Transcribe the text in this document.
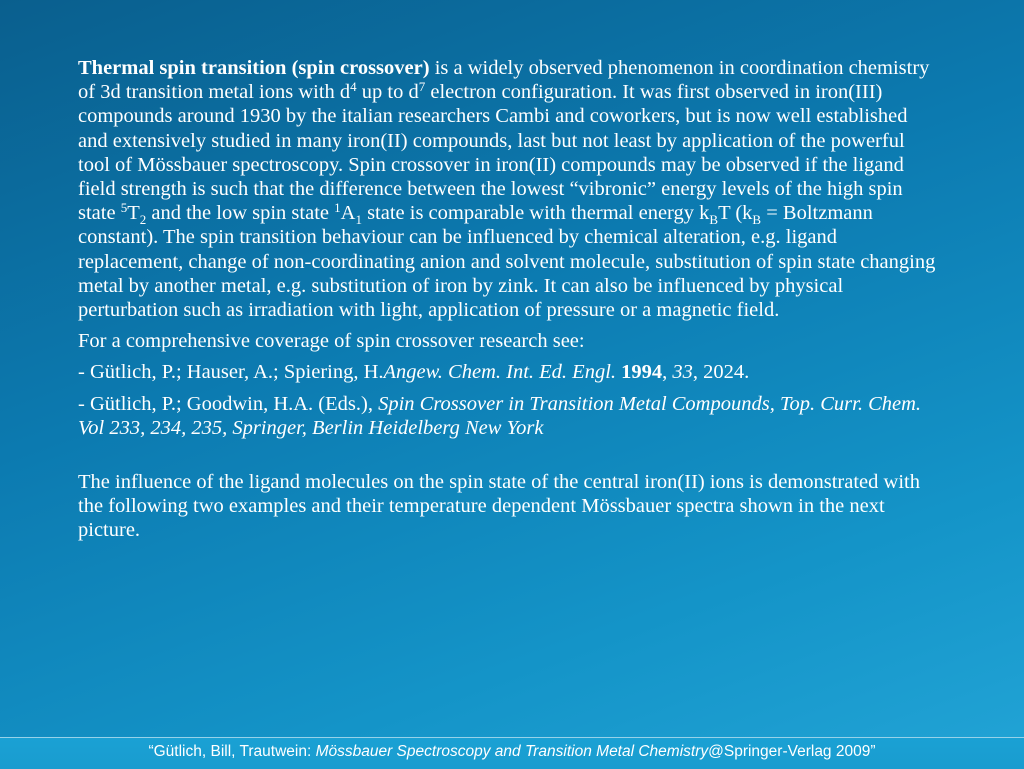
Thermal spin transition (spin crossover) is a widely observed phenomenon in coordination chemistry of 3d transition metal ions with $d^4$ up to $d^7$ electron configuration. It was first observed in iron(III) compounds around 1930 by the italian researchers Cambi and coworkers, but is now well established and extensively studied in many iron(II) compounds, last but not least by application of the powerful tool of Mössbauer spectroscopy. Spin crossover in iron(II) compounds may be observed if the ligand field strength is such that the difference between the lowest “vibronic” energy levels of the high spin state $^5T_2$ and the low spin state $^1A_1$ state is comparable with thermal energy $k_BT$ ($k_B$ = Boltzmann constant). The spin transition behaviour can be influenced by chemical alteration, e.g. ligand replacement, change of non-coordinating anion and solvent molecule, substitution of spin state changing metal by another metal, e.g. substitution of iron by zink. It can also be influenced by physical perturbation such as irradiation with light, application of pressure or a magnetic field.

For a comprehensive coverage of spin crossover research see:

- Gütlich, P.; Hauser, A.; Spiering, H.Angew. Chem. Int. Ed. Engl. 1994, 33, 2024.

- Gütlich, P.; Goodwin, H.A. (Eds.), Spin Crossover in Transition Metal Compounds, Top. Curr. Chem. Vol 233, 234, 235, Springer, Berlin Heidelberg New York

The influence of the ligand molecules on the spin state of the central iron(II) ions is demonstrated with the following two examples and their temperature dependent Mössbauer spectra shown in the next picture.

“Gütlich, Bill, Trautwein: Mössbauer Spectroscopy and Transition Metal Chemistry@Springer-Verlag 2009”
